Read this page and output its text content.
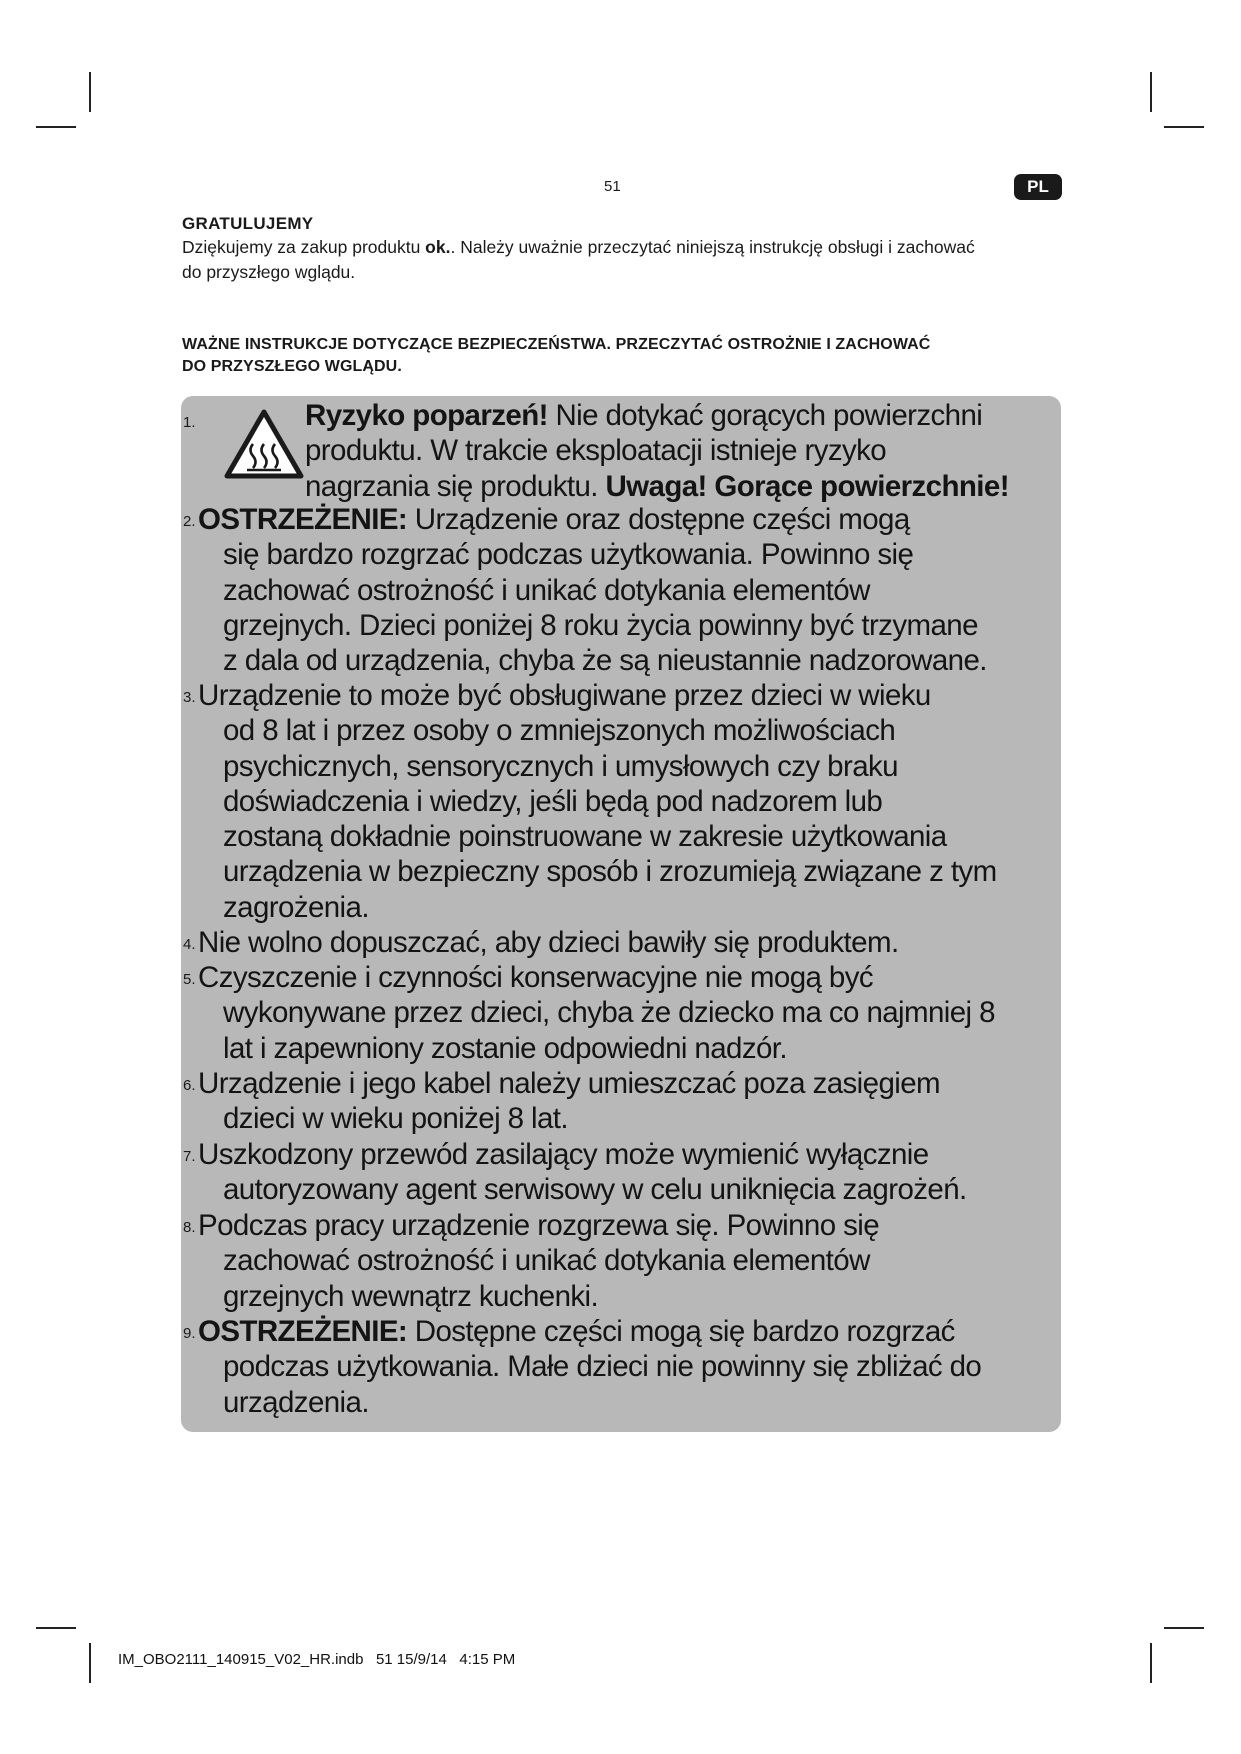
51	PL
GRATULUJEMY
Dziękujemy za zakup produktu ok.. Należy uważnie przeczytać niniejszą instrukcję obsługi i zachować
do przyszłego wglądu.
WAŻNE INSTRUKCJE DOTYCZĄCE BEZPIECZEŃSTWA. PRZECZYTAĆ OSTROŻNIE I ZACHOWAĆ
DO PRZYSZŁEGO WGLĄDU.
1.	Ryzyko poparzeń! Nie dotykać gorących powierzchni
produktu. W trakcie eksploatacji istnieje ryzyko
nagrzania się produktu. Uwaga! Gorące powierzchnie!
2. OSTRZEŻENIE: Urządzenie oraz dostępne części mogą
się bardzo rozgrzać podczas użytkowania. Powinno się
zachować ostrożność i unikać dotykania elementów
grzejnych. Dzieci poniżej 8 roku życia powinny być trzymane
z dala od urządzenia, chyba że są nieustannie nadzorowane.
3. Urządzenie to może być obsługiwane przez dzieci w wieku
od 8 lat i przez osoby o zmniejszonych możliwościach
psychicznych, sensorycznych i umysłowych czy braku
doświadczenia i wiedzy, jeśli będą pod nadzorem lub
zostaną dokładnie poinstruowane w zakresie użytkowania
urządzenia w bezpieczny sposób i zrozumieją związane z tym
zagrożenia.
4. Nie wolno dopuszczać, aby dzieci bawiły się produktem.
5. Czyszczenie i czynności konserwacyjne nie mogą być
wykonywane przez dzieci, chyba że dziecko ma co najmniej 8
lat i zapewniony zostanie odpowiedni nadzór.
6. Urządzenie i jego kabel należy umieszczać poza zasięgiem
dzieci w wieku poniżej 8 lat.
7. Uszkodzony przewód zasilający może wymienić wyłącznie
autoryzowany agent serwisowy w celu uniknięcia zagrożeń.
8. Podczas pracy urządzenie rozgrzewa się. Powinno się
zachować ostrożność i unikać dotykania elementów
grzejnych wewnątrz kuchenki.
9. OSTRZEŻENIE: Dostępne części mogą się bardzo rozgrzać
podczas użytkowania. Małe dzieci nie powinny się zbliżać do
urządzenia.
IM_OBO2111_140915_V02_HR.indb   51 15/9/14   4:15 PM
